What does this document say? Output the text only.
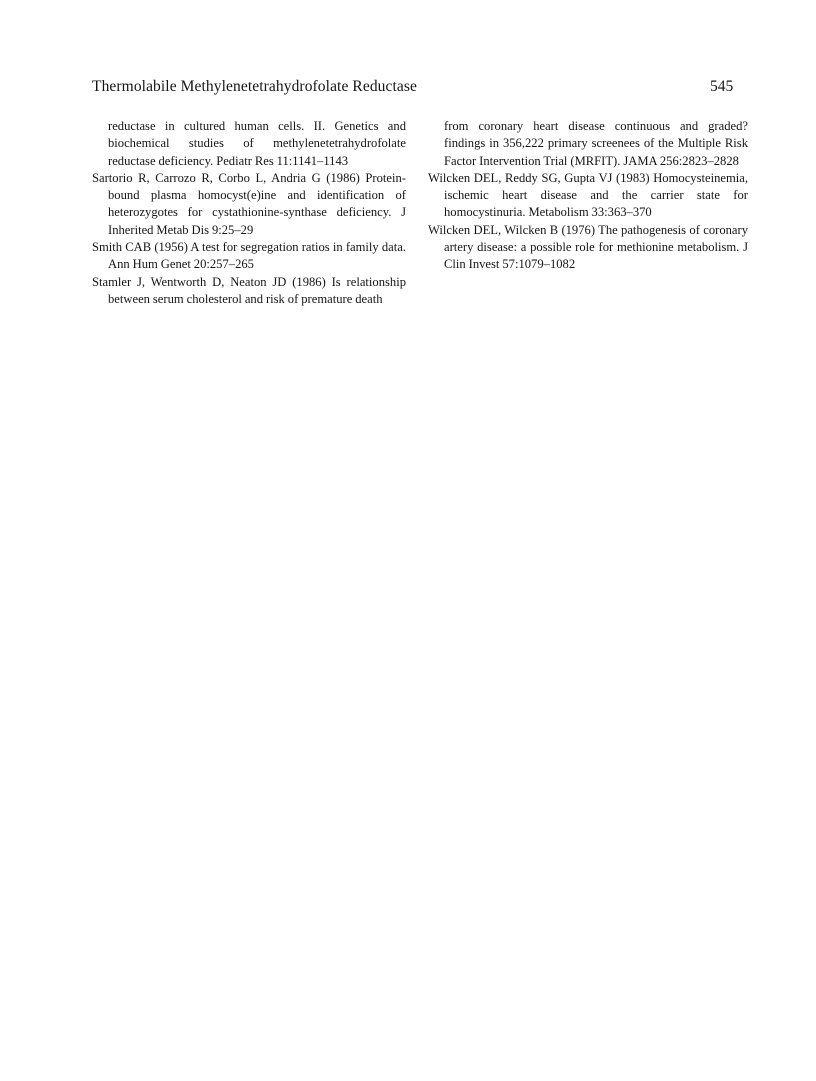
Thermolabile Methylenetetrahydrofolate Reductase	545

reductase in cultured human cells. II. Genetics and biochemical studies of methylenetetrahydrofolate reductase deficiency. Pediatr Res 11:1141–1143

Sartorio R, Carrozo R, Corbo L, Andria G (1986) Protein-bound plasma homocyst(e)ine and identification of heterozygotes for cystathionine-synthase deficiency. J Inherited Metab Dis 9:25–29

Smith CAB (1956) A test for segregation ratios in family data. Ann Hum Genet 20:257–265

Stamler J, Wentworth D, Neaton JD (1986) Is relationship between serum cholesterol and risk of premature death

from coronary heart disease continuous and graded? findings in 356,222 primary screenees of the Multiple Risk Factor Intervention Trial (MRFIT). JAMA 256:2823–2828

Wilcken DEL, Reddy SG, Gupta VJ (1983) Homocysteinemia, ischemic heart disease and the carrier state for homocystinuria. Metabolism 33:363–370

Wilcken DEL, Wilcken B (1976) The pathogenesis of coronary artery disease: a possible role for methionine metabolism. J Clin Invest 57:1079–1082
